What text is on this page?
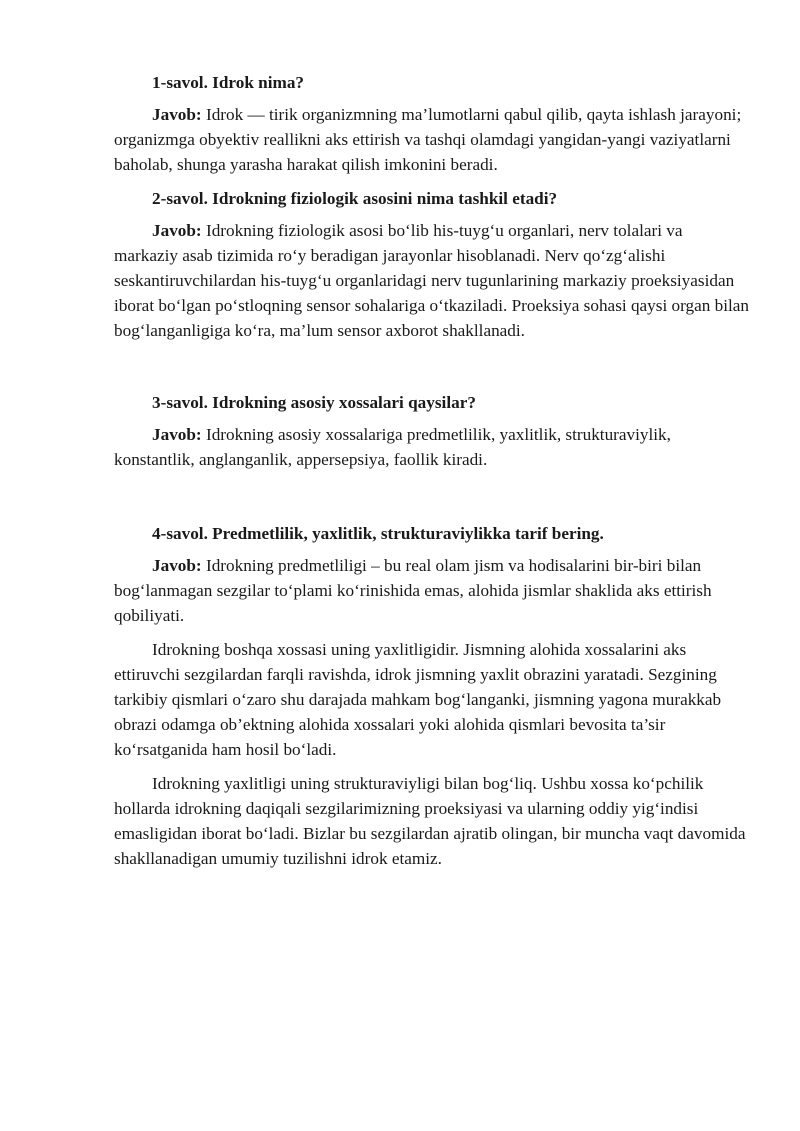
1-savol. Idrok nima?

Javob: Idrok — tirik organizmning ma’lumotlarni qabul qilib, qayta ishlash jarayoni; organizmga obyektiv reallikni aks ettirish va tashqi olamdagi yangidan-yangi vaziyatlarni baholab, shunga yarasha harakat qilish imkonini beradi.

2-savol. Idrokning fiziologik asosini nima tashkil etadi?

Javob: Idrokning fiziologik asosi bo‘lib his-tuyg‘u organlari, nerv tolalari va markaziy asab tizimida ro‘y beradigan jarayonlar hisoblanadi. Nerv qo‘zg‘alishi seskantiruvchilardan his-tuyg‘u organlaridagi nerv tugunlarining markaziy proeksiyasidan iborat bo‘lgan po‘stloqning sensor sohalariga o‘tkaziladi. Proeksiya sohasi qaysi organ bilan bog‘langanligiga ko‘ra, ma’lum sensor axborot shakllanadi.

3-savol. Idrokning asosiy xossalari qaysilar?

Javob: Idrokning asosiy xossalariga predmetlilik, yaxlitlik, strukturaviylik, konstantlik, anglanganlik, appersepsiya, faollik kiradi.

4-savol. Predmetlilik, yaxlitlik, strukturaviylikka tarif bering.

Javob: Idrokning predmetliligi – bu real olam jism va hodisalarini bir-biri bilan bog‘lanmagan sezgilar to‘plami ko‘rinishida emas, alohida jismlar shaklida aks ettirish qobiliyati.

Idrokning boshqa xossasi uning yaxlitligidir. Jismning alohida xossalarini aks ettiruvchi sezgilardan farqli ravishda, idrok jismning yaxlit obrazini yaratadi. Sezgining tarkibiy qismlari o‘zaro shu darajada mahkam bog‘langanki, jismning yagona murakkab obrazi odamga ob’ektning alohida xossalari yoki alohida qismlari bevosita ta’sir ko‘rsatganida ham hosil bo‘ladi.

Idrokning yaxlitligi uning strukturaviyligi bilan bog‘liq. Ushbu xossa ko‘pchilik hollarda idrokning daqiqali sezgilarimizning proeksiyasi va ularning oddiy yig‘indisi emasligidan iborat bo‘ladi. Bizlar bu sezgilardan ajratib olingan, bir muncha vaqt davomida shakllanadigan umumiy tuzilishni idrok etamiz.
